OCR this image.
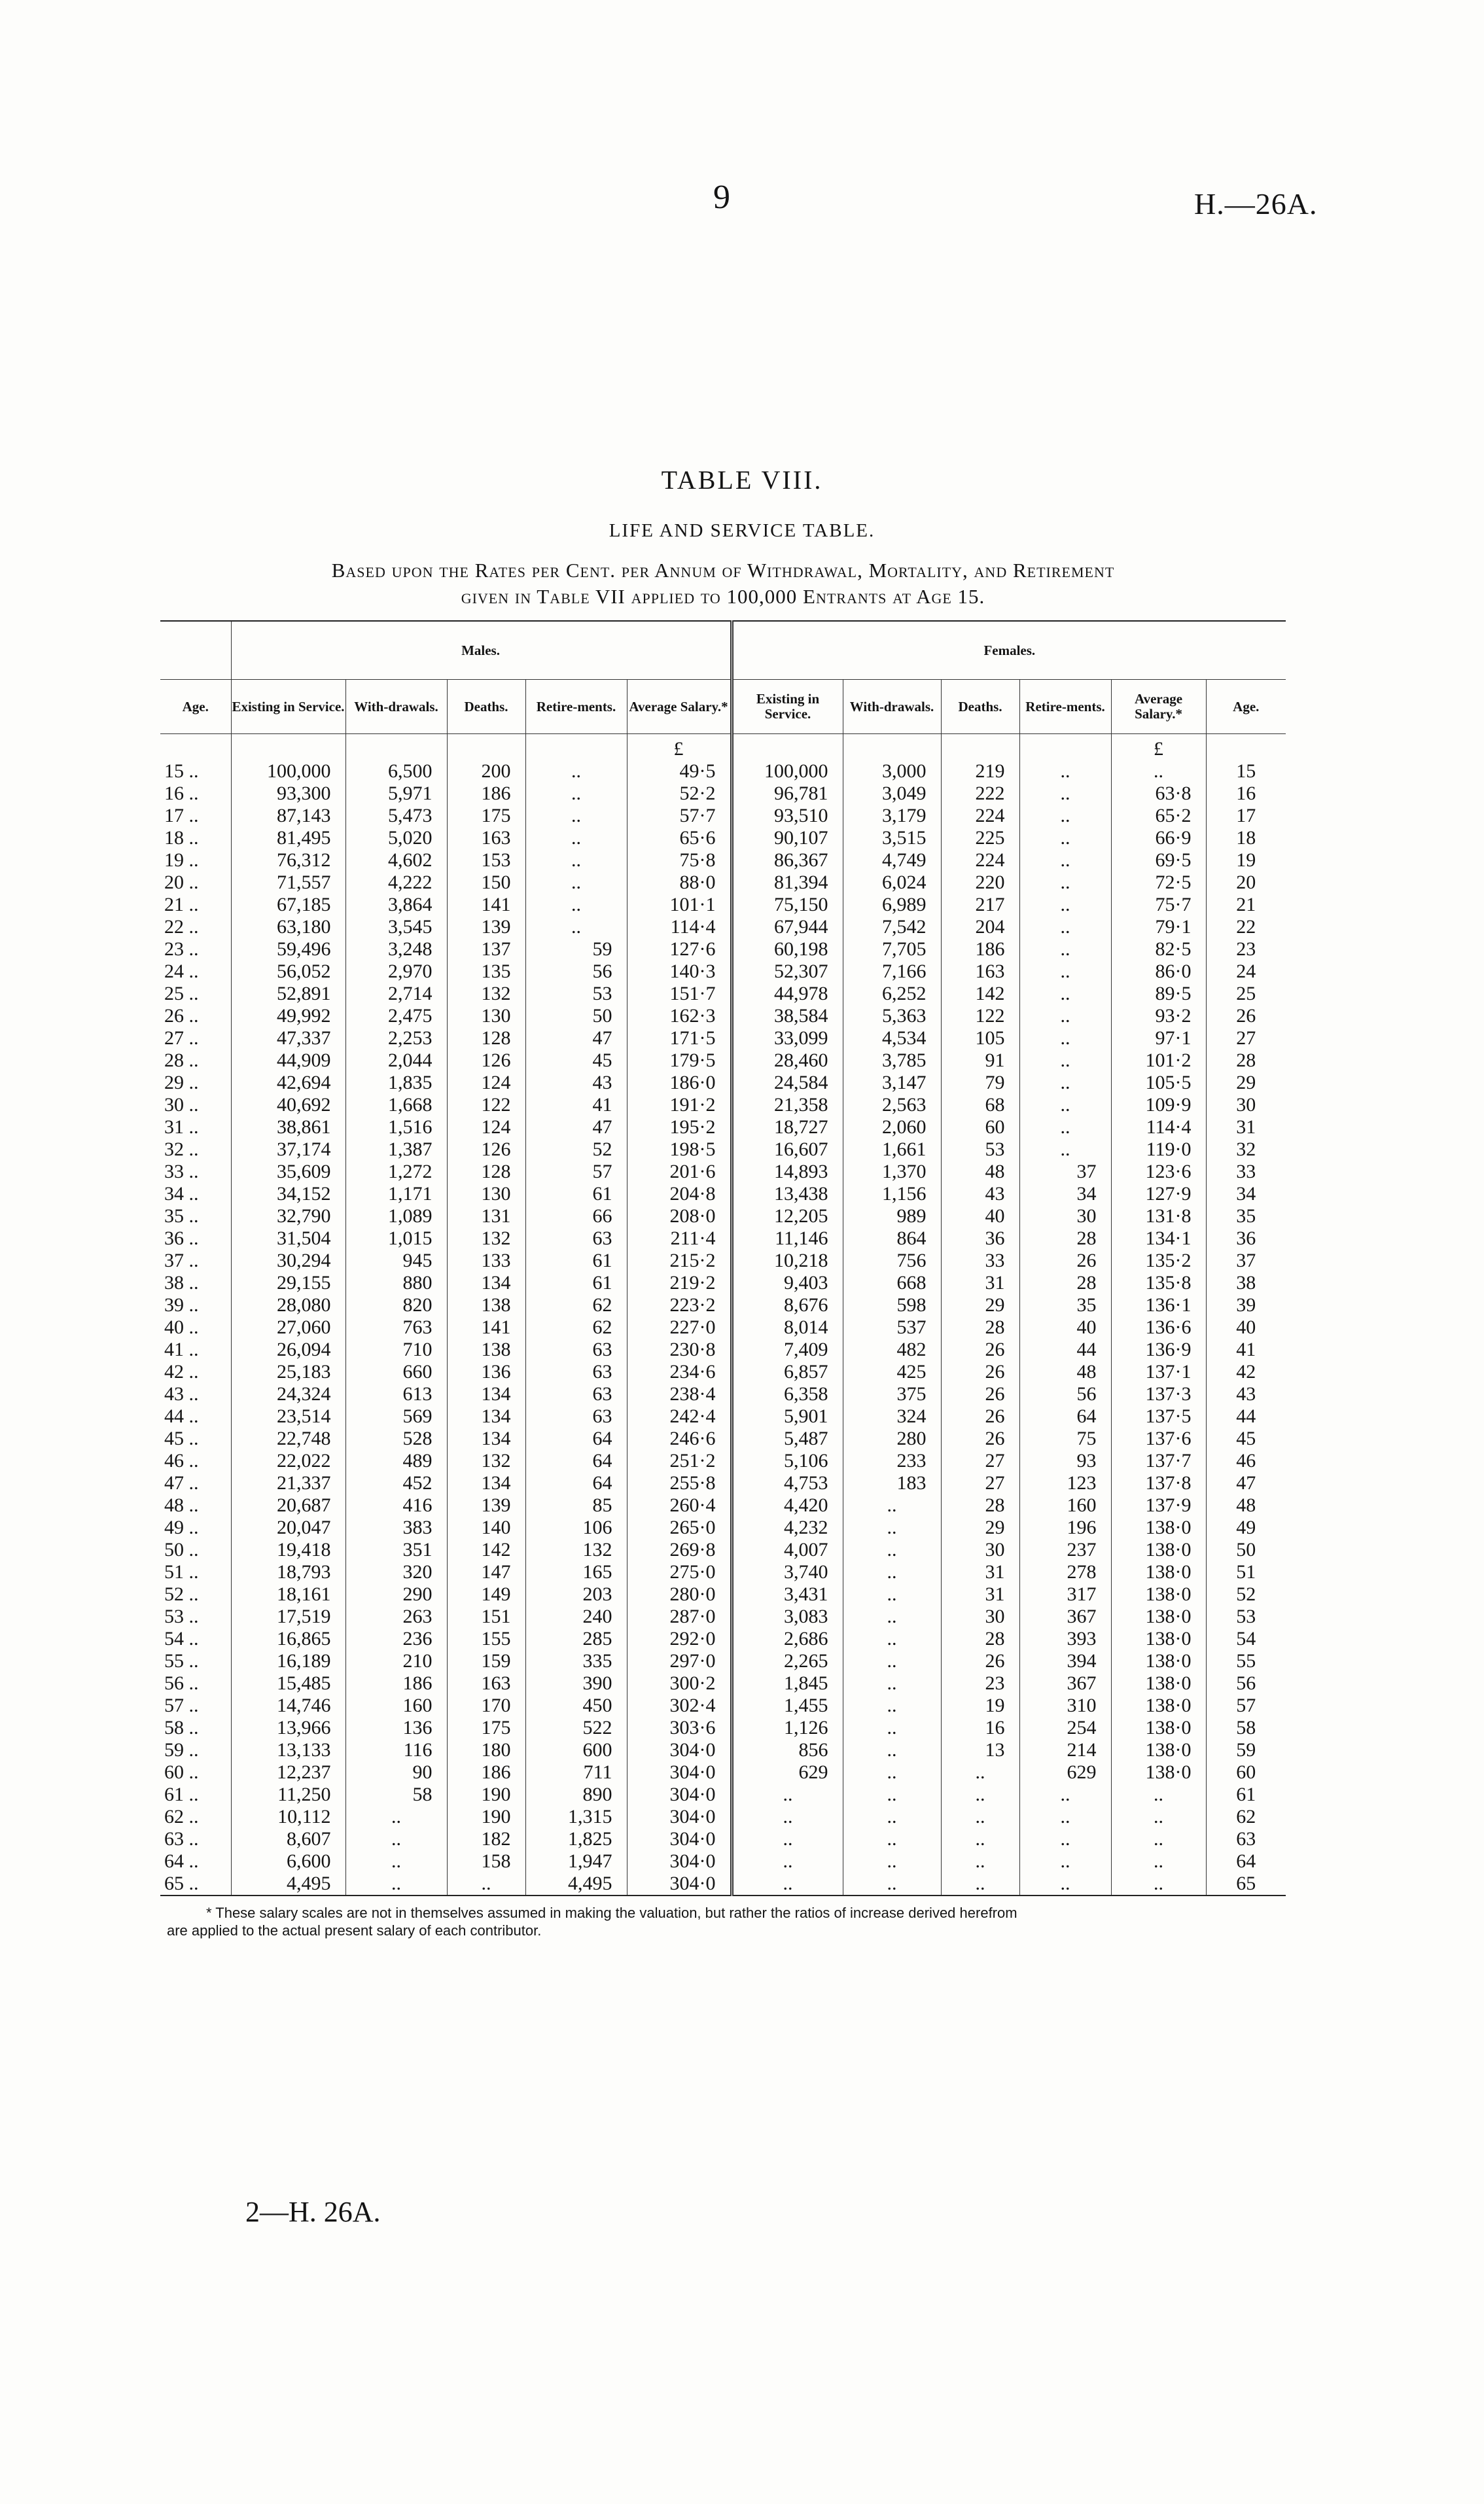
9	H.—26A.
TABLE VIII.
LIFE AND SERVICE TABLE.
Based upon the Rates per Cent. per Annum of Withdrawal, Mortality, and Retirement
given in Table VII applied to 100,000 Entrants at Age 15.
	Males.					Females.					
Age.	Existing in Service.	With-drawals.	Deaths.	Retire-ments.	Average Salary.*	Existing in Service.	With-drawals.	Deaths.	Retire-ments.	Average Salary.*	Age.
					£					£	
15 ..	100,000	6,500	200	..	49·5	100,000	3,000	219	..	..	15
16 ..	93,300	5,971	186	..	52·2	96,781	3,049	222	..	63·8	16
17 ..	87,143	5,473	175	..	57·7	93,510	3,179	224	..	65·2	17
18 ..	81,495	5,020	163	..	65·6	90,107	3,515	225	..	66·9	18
19 ..	76,312	4,602	153	..	75·8	86,367	4,749	224	..	69·5	19
20 ..	71,557	4,222	150	..	88·0	81,394	6,024	220	..	72·5	20
21 ..	67,185	3,864	141	..	101·1	75,150	6,989	217	..	75·7	21
22 ..	63,180	3,545	139	..	114·4	67,944	7,542	204	..	79·1	22
23 ..	59,496	3,248	137	59	127·6	60,198	7,705	186	..	82·5	23
24 ..	56,052	2,970	135	56	140·3	52,307	7,166	163	..	86·0	24
25 ..	52,891	2,714	132	53	151·7	44,978	6,252	142	..	89·5	25
26 ..	49,992	2,475	130	50	162·3	38,584	5,363	122	..	93·2	26
27 ..	47,337	2,253	128	47	171·5	33,099	4,534	105	..	97·1	27
28 ..	44,909	2,044	126	45	179·5	28,460	3,785	91	..	101·2	28
29 ..	42,694	1,835	124	43	186·0	24,584	3,147	79	..	105·5	29
30 ..	40,692	1,668	122	41	191·2	21,358	2,563	68	..	109·9	30
31 ..	38,861	1,516	124	47	195·2	18,727	2,060	60	..	114·4	31
32 ..	37,174	1,387	126	52	198·5	16,607	1,661	53	..	119·0	32
33 ..	35,609	1,272	128	57	201·6	14,893	1,370	48	37	123·6	33
34 ..	34,152	1,171	130	61	204·8	13,438	1,156	43	34	127·9	34
35 ..	32,790	1,089	131	66	208·0	12,205	989	40	30	131·8	35
36 ..	31,504	1,015	132	63	211·4	11,146	864	36	28	134·1	36
37 ..	30,294	945	133	61	215·2	10,218	756	33	26	135·2	37
38 ..	29,155	880	134	61	219·2	9,403	668	31	28	135·8	38
39 ..	28,080	820	138	62	223·2	8,676	598	29	35	136·1	39
40 ..	27,060	763	141	62	227·0	8,014	537	28	40	136·6	40
41 ..	26,094	710	138	63	230·8	7,409	482	26	44	136·9	41
42 ..	25,183	660	136	63	234·6	6,857	425	26	48	137·1	42
43 ..	24,324	613	134	63	238·4	6,358	375	26	56	137·3	43
44 ..	23,514	569	134	63	242·4	5,901	324	26	64	137·5	44
45 ..	22,748	528	134	64	246·6	5,487	280	26	75	137·6	45
46 ..	22,022	489	132	64	251·2	5,106	233	27	93	137·7	46
47 ..	21,337	452	134	64	255·8	4,753	183	27	123	137·8	47
48 ..	20,687	416	139	85	260·4	4,420	..	28	160	137·9	48
49 ..	20,047	383	140	106	265·0	4,232	..	29	196	138·0	49
50 ..	19,418	351	142	132	269·8	4,007	..	30	237	138·0	50
51 ..	18,793	320	147	165	275·0	3,740	..	31	278	138·0	51
52 ..	18,161	290	149	203	280·0	3,431	..	31	317	138·0	52
53 ..	17,519	263	151	240	287·0	3,083	..	30	367	138·0	53
54 ..	16,865	236	155	285	292·0	2,686	..	28	393	138·0	54
55 ..	16,189	210	159	335	297·0	2,265	..	26	394	138·0	55
56 ..	15,485	186	163	390	300·2	1,845	..	23	367	138·0	56
57 ..	14,746	160	170	450	302·4	1,455	..	19	310	138·0	57
58 ..	13,966	136	175	522	303·6	1,126	..	16	254	138·0	58
59 ..	13,133	116	180	600	304·0	856	..	13	214	138·0	59
60 ..	12,237	90	186	711	304·0	629	..	..	629	138·0	60
61 ..	11,250	58	190	890	304·0	..	..	..	..	..	61
62 ..	10,112	..	190	1,315	304·0	..	..	..	..	..	62
63 ..	8,607	..	182	1,825	304·0	..	..	..	..	..	63
64 ..	6,600	..	158	1,947	304·0	..	..	..	..	..	64
65 ..	4,495	..	..	4,495	304·0	..	..	..	..	..	65
* These salary scales are not in themselves assumed in making the valuation, but rather the ratios of increase derived herefrom
are applied to the actual present salary of each contributor.
2—H. 26A.
